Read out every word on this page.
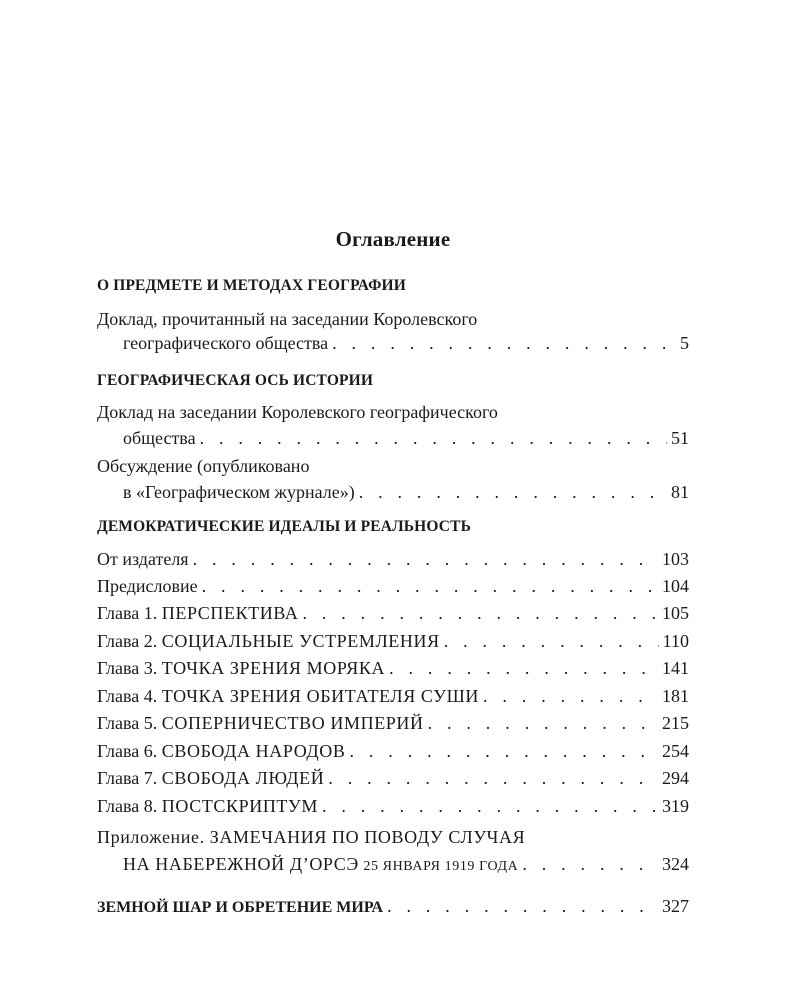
Оглавление
О ПРЕДМЕТЕ И МЕТОДАХ ГЕОГРАФИИ
Доклад, прочитанный на заседании Королевского
географического общества . . .	5
ГЕОГРАФИЧЕСКАЯ ОСЬ ИСТОРИИ
Доклад на заседании Королевского географического
общества . . .	51
Обсуждение (опубликовано
в «Географическом журнале») . . .	81
ДЕМОКРАТИЧЕСКИЕ ИДЕАЛЫ И РЕАЛЬНОСТЬ
От издателя . . .	103
Предисловие . . .	104
Глава 1. ПЕРСПЕКТИВА . . .	105
Глава 2. СОЦИАЛЬНЫЕ УСТРЕМЛЕНИЯ . . .	110
Глава 3. ТОЧКА ЗРЕНИЯ МОРЯКА . . .	141
Глава 4. ТОЧКА ЗРЕНИЯ ОБИТАТЕЛЯ СУШИ . . .	181
Глава 5. СОПЕРНИЧЕСТВО ИМПЕРИЙ . . .	215
Глава 6. СВОБОДА НАРОДОВ . . .	254
Глава 7. СВОБОДА ЛЮДЕЙ . . .	294
Глава 8. ПОСТСКРИПТУМ . . .	319
Приложение. ЗАМЕЧАНИЯ ПО ПОВОДУ СЛУЧАЯ
НА НАБЕРЕЖНОЙ Д’ОРСЭ 25 ЯНВАРЯ 1919 ГОДА . . .	324
ЗЕМНОЙ ШАР И ОБРЕТЕНИЕ МИРА . . .	327
